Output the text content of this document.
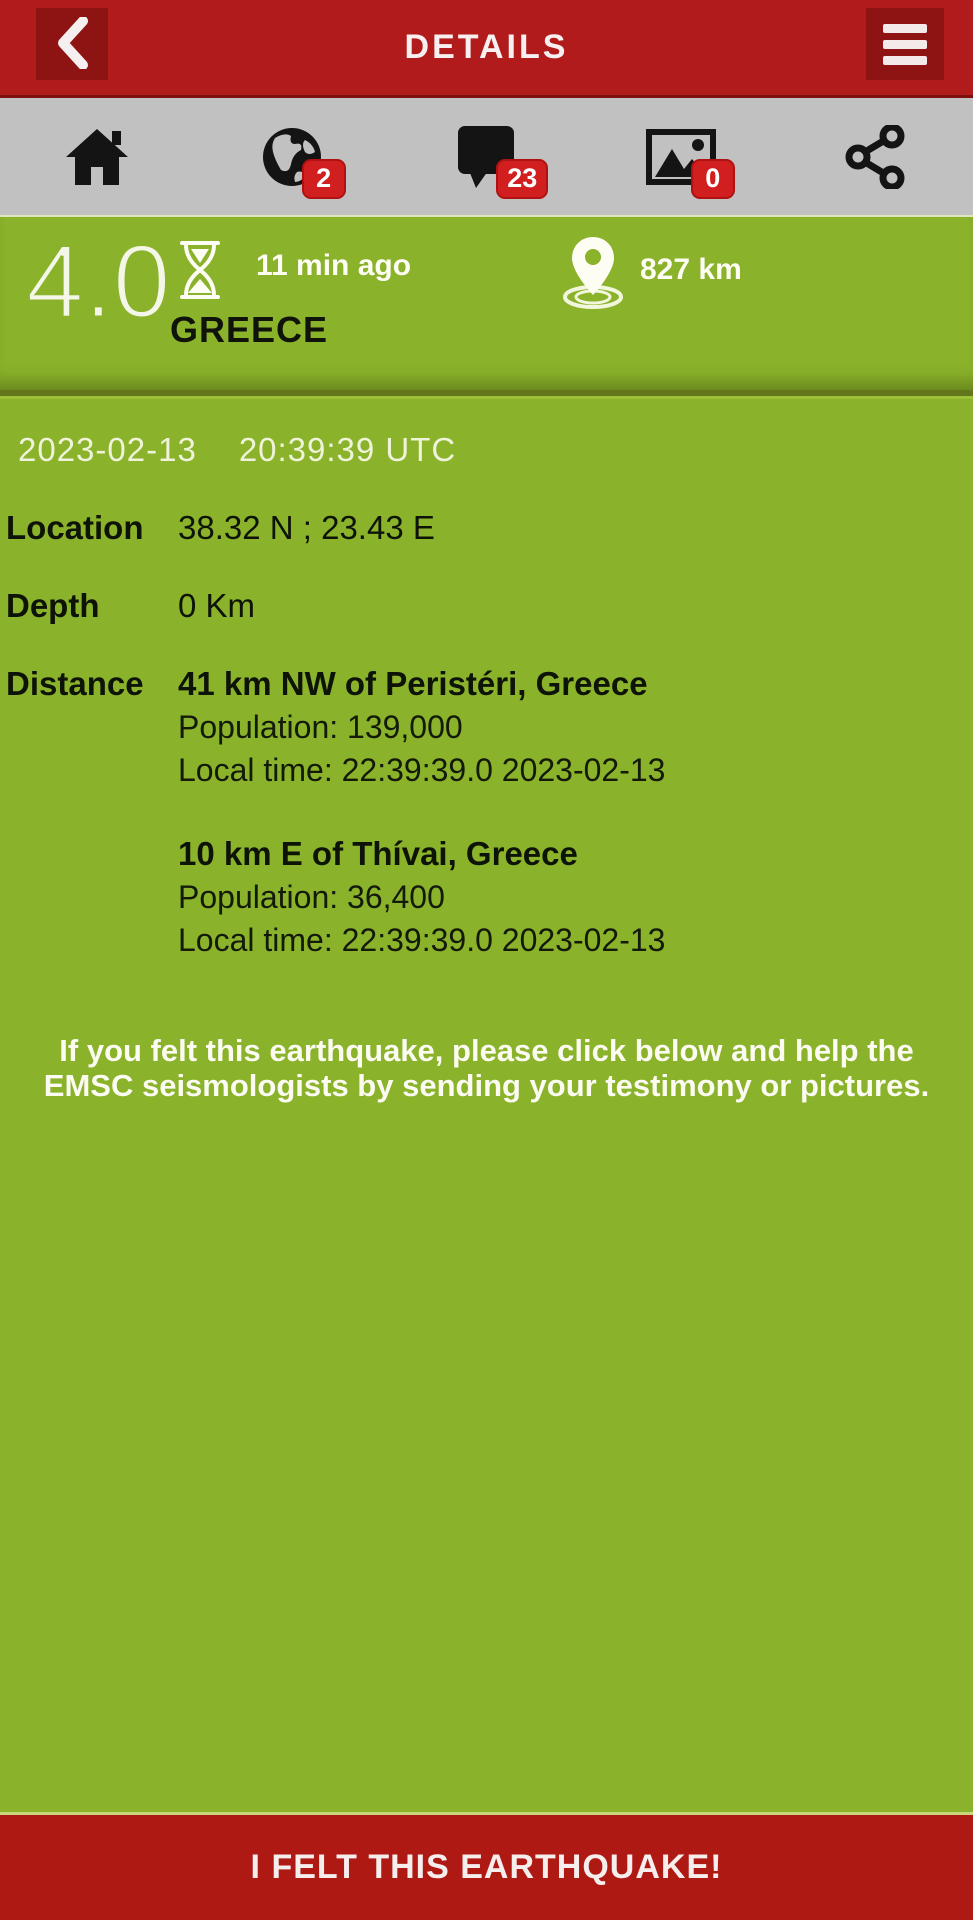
DETAILS
2	23	0
4.0	11 min ago
GREECE
827 km
2023-02-13 20:39:39 UTC
Location	38.32 N ; 23.43 E
Depth	0 Km
Distance	41 km NW of Peristéri, Greece
Population: 139,000
Local time: 22:39:39.0 2023-02-13
10 km E of Thívai, Greece
Population: 36,400
Local time: 22:39:39.0 2023-02-13
If you felt this earthquake, please click below and help the EMSC seismologists by sending your testimony or pictures.
I FELT THIS EARTHQUAKE!
